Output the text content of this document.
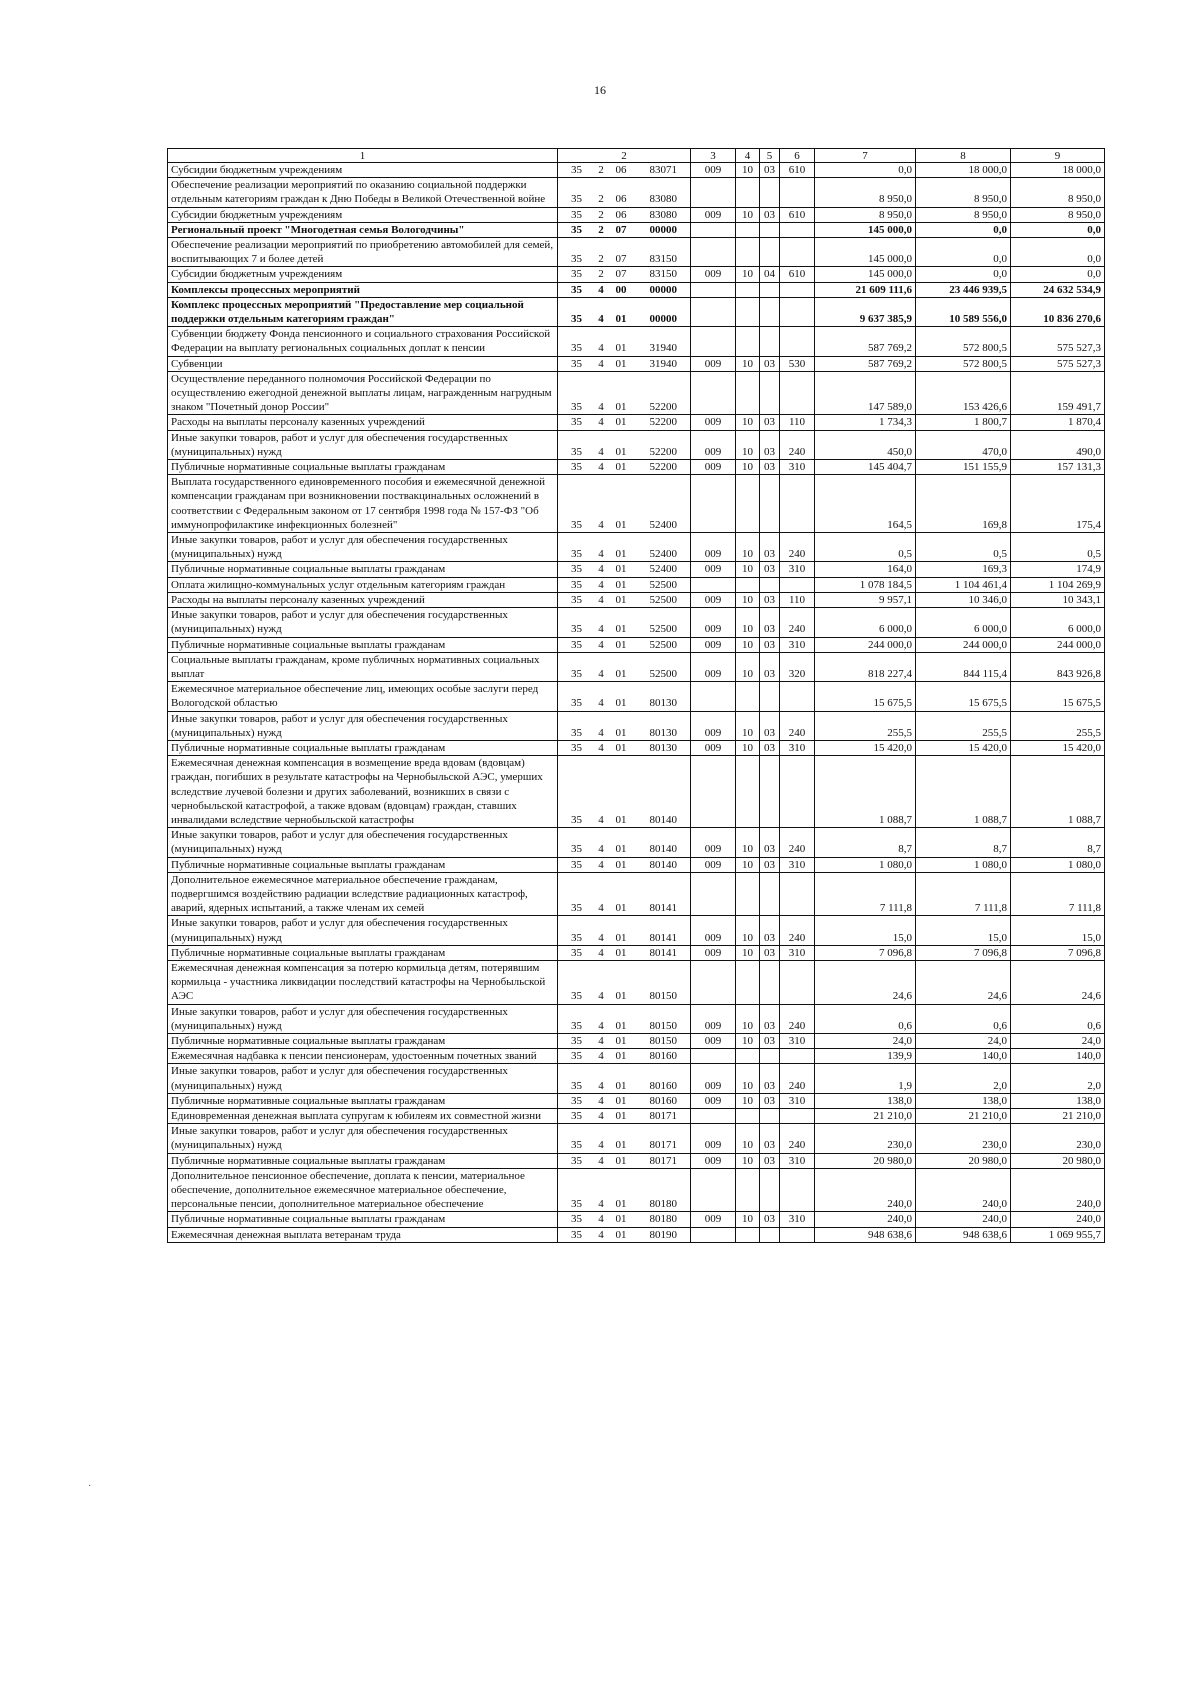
16
1	2	3	4	5	6	7	8	9
Субсидии бюджетным учреждениям	35 2 06 83071	009	10	03	610	0,0	18 000,0	18 000,0
Обеспечение реализации мероприятий по оказанию социальной поддержки отдельным категориям граждан к Дню Победы в Великой Отечественной войне	35 2 06 83080					8 950,0	8 950,0	8 950,0
Субсидии бюджетным учреждениям	35 2 06 83080	009	10	03	610	8 950,0	8 950,0	8 950,0
Региональный проект "Многодетная семья Вологодчины"	35 2 07 00000					145 000,0	0,0	0,0
Обеспечение реализации мероприятий по приобретению автомобилей для семей, воспитывающих 7 и более детей	35 2 07 83150					145 000,0	0,0	0,0
Субсидии бюджетным учреждениям	35 2 07 83150	009	10	04	610	145 000,0	0,0	0,0
Комплексы процессных мероприятий	35 4 00 00000					21 609 111,6	23 446 939,5	24 632 534,9
Комплекс процессных мероприятий "Предоставление мер социальной поддержки отдельным категориям граждан"	35 4 01 00000					9 637 385,9	10 589 556,0	10 836 270,6
Субвенции бюджету Фонда пенсионного и социального страхования Российской Федерации на выплату региональных социальных доплат к пенсии	35 4 01 31940					587 769,2	572 800,5	575 527,3
Субвенции	35 4 01 31940	009	10	03	530	587 769,2	572 800,5	575 527,3
Осуществление переданного полномочия Российской Федерации по осуществлению ежегодной денежной выплаты лицам, награжденным нагрудным знаком "Почетный донор России"	35 4 01 52200					147 589,0	153 426,6	159 491,7
Расходы на выплаты персоналу казенных учреждений	35 4 01 52200	009	10	03	110	1 734,3	1 800,7	1 870,4
Иные закупки товаров, работ и услуг для обеспечения государственных (муниципальных) нужд	35 4 01 52200	009	10	03	240	450,0	470,0	490,0
Публичные нормативные социальные выплаты гражданам	35 4 01 52200	009	10	03	310	145 404,7	151 155,9	157 131,3
Выплата государственного единовременного пособия и ежемесячной денежной компенсации гражданам при возникновении поствакцинальных осложнений в соответствии с Федеральным законом от 17 сентября 1998 года № 157-ФЗ "Об иммунопрофилактике инфекционных болезней"	35 4 01 52400					164,5	169,8	175,4
Иные закупки товаров, работ и услуг для обеспечения государственных (муниципальных) нужд	35 4 01 52400	009	10	03	240	0,5	0,5	0,5
Публичные нормативные социальные выплаты гражданам	35 4 01 52400	009	10	03	310	164,0	169,3	174,9
Оплата жилищно-коммунальных услуг отдельным категориям граждан	35 4 01 52500					1 078 184,5	1 104 461,4	1 104 269,9
Расходы на выплаты персоналу казенных учреждений	35 4 01 52500	009	10	03	110	9 957,1	10 346,0	10 343,1
Иные закупки товаров, работ и услуг для обеспечения государственных (муниципальных) нужд	35 4 01 52500	009	10	03	240	6 000,0	6 000,0	6 000,0
Публичные нормативные социальные выплаты гражданам	35 4 01 52500	009	10	03	310	244 000,0	244 000,0	244 000,0
Социальные выплаты гражданам, кроме публичных нормативных социальных выплат	35 4 01 52500	009	10	03	320	818 227,4	844 115,4	843 926,8
Ежемесячное материальное обеспечение лиц, имеющих особые заслуги перед Вологодской областью	35 4 01 80130					15 675,5	15 675,5	15 675,5
Иные закупки товаров, работ и услуг для обеспечения государственных (муниципальных) нужд	35 4 01 80130	009	10	03	240	255,5	255,5	255,5
Публичные нормативные социальные выплаты гражданам	35 4 01 80130	009	10	03	310	15 420,0	15 420,0	15 420,0
Ежемесячная денежная компенсация в возмещение вреда вдовам (вдовцам) граждан, погибших в результате катастрофы на Чернобыльской АЭС, умерших вследствие лучевой болезни и других заболеваний, возникших в связи с чернобыльской катастрофой, а также вдовам (вдовцам) граждан, ставших инвалидами вследствие чернобыльской катастрофы	35 4 01 80140					1 088,7	1 088,7	1 088,7
Иные закупки товаров, работ и услуг для обеспечения государственных (муниципальных) нужд	35 4 01 80140	009	10	03	240	8,7	8,7	8,7
Публичные нормативные социальные выплаты гражданам	35 4 01 80140	009	10	03	310	1 080,0	1 080,0	1 080,0
Дополнительное ежемесячное материальное обеспечение гражданам, подвергшимся воздействию радиации вследствие радиационных катастроф, аварий, ядерных испытаний, а также членам их семей	35 4 01 80141					7 111,8	7 111,8	7 111,8
Иные закупки товаров, работ и услуг для обеспечения государственных (муниципальных) нужд	35 4 01 80141	009	10	03	240	15,0	15,0	15,0
Публичные нормативные социальные выплаты гражданам	35 4 01 80141	009	10	03	310	7 096,8	7 096,8	7 096,8
Ежемесячная денежная компенсация за потерю кормильца детям, потерявшим кормильца - участника ликвидации последствий катастрофы на Чернобыльской АЭС	35 4 01 80150					24,6	24,6	24,6
Иные закупки товаров, работ и услуг для обеспечения государственных (муниципальных) нужд	35 4 01 80150	009	10	03	240	0,6	0,6	0,6
Публичные нормативные социальные выплаты гражданам	35 4 01 80150	009	10	03	310	24,0	24,0	24,0
Ежемесячная надбавка к пенсии пенсионерам, удостоенным почетных званий	35 4 01 80160					139,9	140,0	140,0
Иные закупки товаров, работ и услуг для обеспечения государственных (муниципальных) нужд	35 4 01 80160	009	10	03	240	1,9	2,0	2,0
Публичные нормативные социальные выплаты гражданам	35 4 01 80160	009	10	03	310	138,0	138,0	138,0
Единовременная денежная выплата супругам к юбилеям их совместной жизни	35 4 01 80171					21 210,0	21 210,0	21 210,0
Иные закупки товаров, работ и услуг для обеспечения государственных (муниципальных) нужд	35 4 01 80171	009	10	03	240	230,0	230,0	230,0
Публичные нормативные социальные выплаты гражданам	35 4 01 80171	009	10	03	310	20 980,0	20 980,0	20 980,0
Дополнительное пенсионное обеспечение, доплата к пенсии, материальное обеспечение, дополнительное ежемесячное материальное обеспечение, персональные пенсии, дополнительное материальное обеспечение	35 4 01 80180					240,0	240,0	240,0
Публичные нормативные социальные выплаты гражданам	35 4 01 80180	009	10	03	310	240,0	240,0	240,0
Ежемесячная денежная выплата ветеранам труда	35 4 01 80190					948 638,6	948 638,6	1 069 955,7
·
